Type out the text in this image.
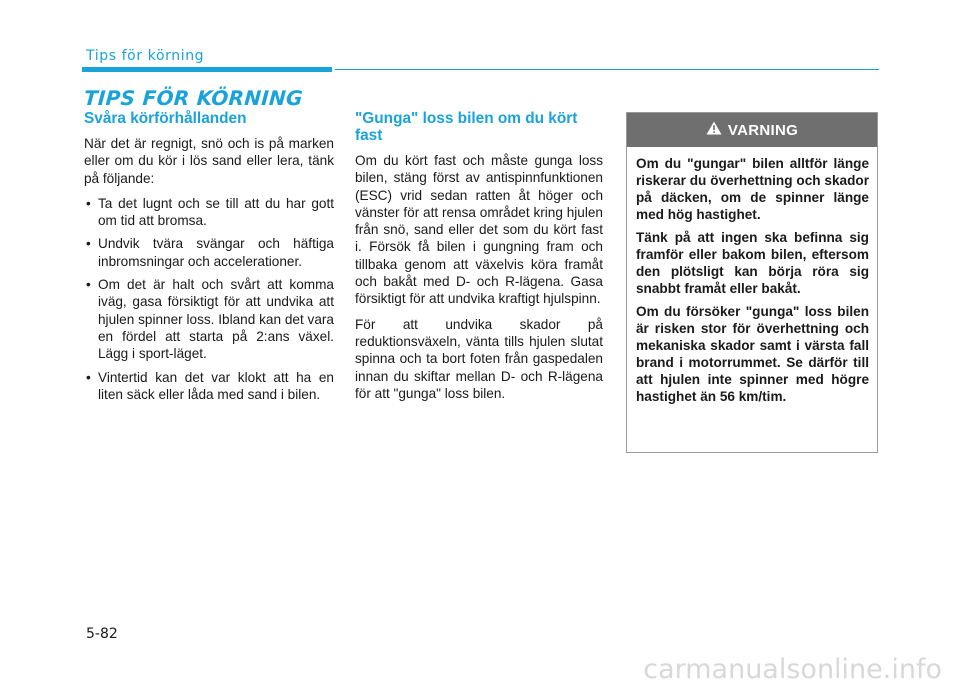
Tips för körning
TIPS FÖR KÖRNING
Svåra körförhållanden

När det är regnigt, snö och is på marken eller om du kör i lös sand eller lera, tänk på följande:

• Ta det lugnt och se till att du har gott om tid att bromsa.
• Undvik tvära svängar och häftiga inbromsningar och accelerationer.
• Om det är halt och svårt att komma iväg, gasa försiktigt för att undvika att hjulen spinner loss. Ibland kan det vara en fördel att starta på 2:ans växel. Lägg i sport-läget.
• Vintertid kan det var klokt att ha en liten säck eller låda med sand i bilen.
"Gunga" loss bilen om du kört fast

Om du kört fast och måste gunga loss bilen, stäng först av antispinnfunktionen (ESC) vrid sedan ratten åt höger och vänster för att rensa området kring hjulen från snö, sand eller det som du kört fast i. Försök få bilen i gungning fram och tillbaka genom att växelvis köra framåt och bakåt med D- och R-lägena. Gasa försiktigt för att undvika kraftigt hjulspinn.

För att undvika skador på reduktionsväxeln, vänta tills hjulen slutat spinna och ta bort foten från gaspedalen innan du skiftar mellan D- och R-lägena för att "gunga" loss bilen.

VARNING

Om du "gungar" bilen alltför länge riskerar du överhettning och skador på däcken, om de spinner länge med hög hastighet.

Tänk på att ingen ska befinna sig framför eller bakom bilen, eftersom den plötsligt kan börja röra sig snabbt framåt eller bakåt.

Om du försöker "gunga" loss bilen är risken stor för överhettning och mekaniska skador samt i värsta fall brand i motorrummet. Se därför till att hjulen inte spinner med högre hastighet än 56 km/tim.

5-82
carmanualsonline.info
